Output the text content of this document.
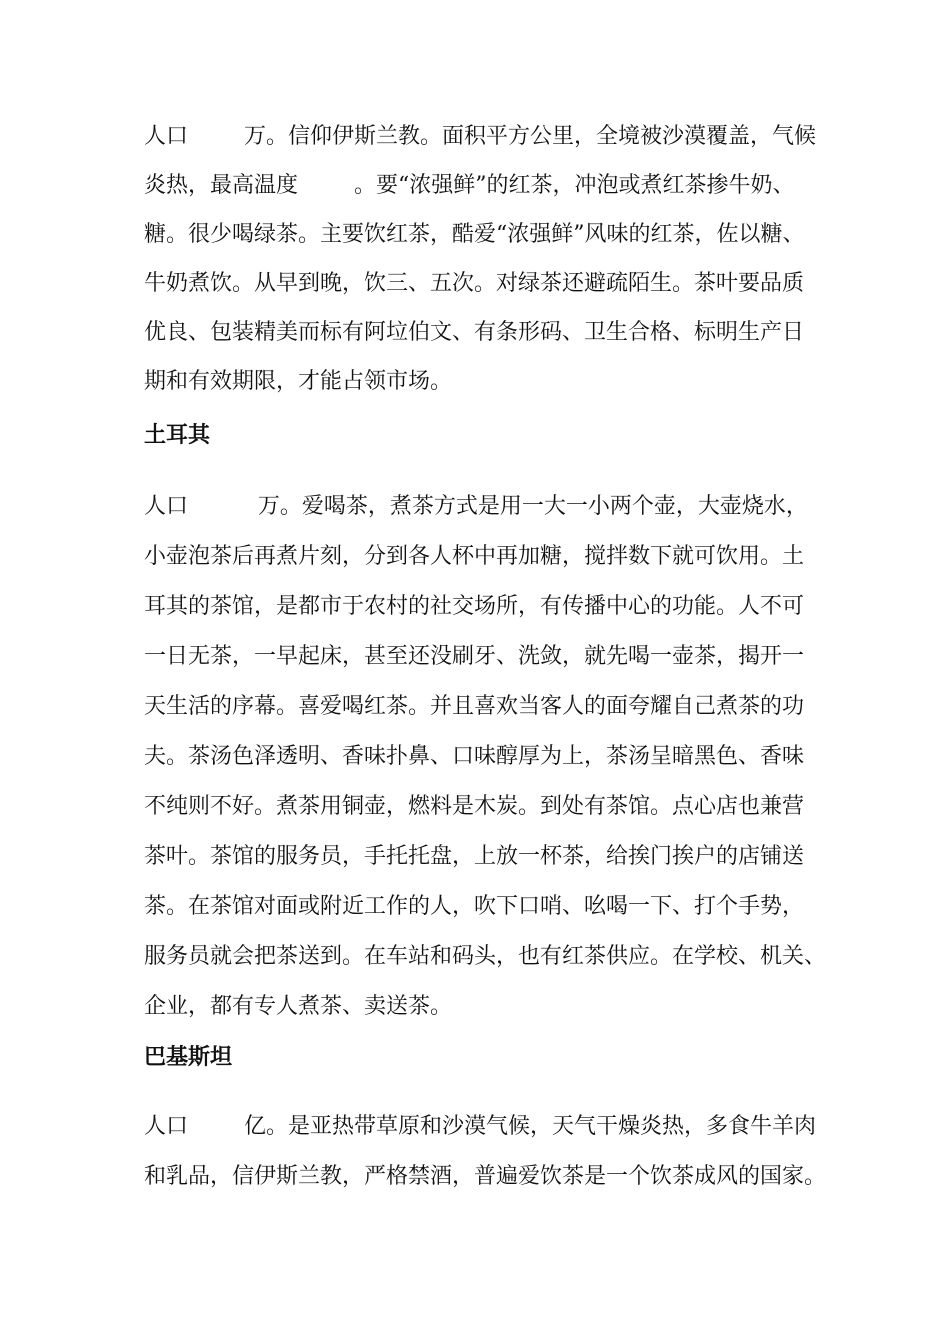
人口        万。信仰伊斯兰教。面积平方公里，全境被沙漠覆盖，气候

炎热，最高温度        。要“浓强鲜”的红茶，冲泡或煮红茶掺牛奶、

糖。很少喝绿茶。主要饮红茶，酷爱“浓强鲜”风味的红茶，佐以糖、

牛奶煮饮。从早到晚，饮三、五次。对绿茶还避疏陌生。茶叶要品质

优良、包装精美而标有阿垃伯文、有条形码、卫生合格、标明生产日

期和有效期限，才能占领市场。

土耳其

人口          万。爱喝茶，煮茶方式是用一大一小两个壶，大壶烧水，

小壶泡茶后再煮片刻，分到各人杯中再加糖，搅拌数下就可饮用。土

耳其的茶馆，是都市于农村的社交场所，有传播中心的功能。人不可

一日无茶，一早起床，甚至还没刷牙、洗敛，就先喝一壶茶，揭开一

天生活的序幕。喜爱喝红茶。并且喜欢当客人的面夸耀自己煮茶的功

夫。茶汤色泽透明、香味扑鼻、口味醇厚为上，茶汤呈暗黑色、香味

不纯则不好。煮茶用铜壶，燃料是木炭。到处有茶馆。点心店也兼营

茶叶。茶馆的服务员，手托托盘，上放一杯茶，给挨门挨户的店铺送

茶。在茶馆对面或附近工作的人，吹下口哨、吆喝一下、打个手势，

服务员就会把茶送到。在车站和码头，也有红茶供应。在学校、机关、

企业，都有专人煮茶、卖送茶。

巴基斯坦

人口        亿。是亚热带草原和沙漠气候，天气干燥炎热，多食牛羊肉

和乳品，信伊斯兰教，严格禁酒，普遍爱饮茶是一个饮茶成风的国家。
